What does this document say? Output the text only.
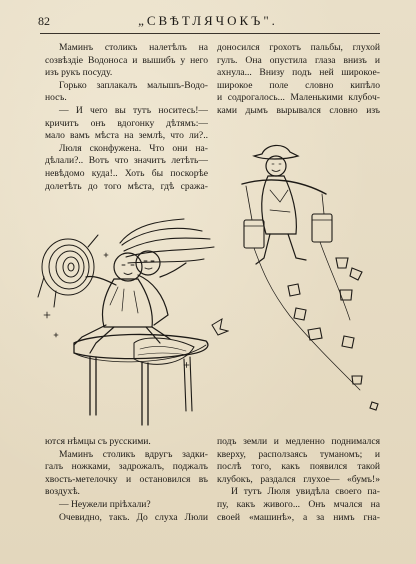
82	„СВѢТЛЯЧОКЪ".
Маминъ столикъ налетѣлъ на
созвѣздіе Водоноса и вышибъ у него
изъ рукъ посуду.
Горько заплакалъ малышъ-Водо-
носъ.
— И чего вы тутъ носитесь!—
кричитъ онъ вдогонку дѣтямъ:—
мало вамъ мѣста на землѣ, что ли?..
Люля сконфужена. Что они на-
дѣлали?.. Вотъ что значитъ летѣть—
невѣдомо куда!.. Хоть бы поскорѣе
долетѣть до того мѣста, гдѣ сража-
доносился грохотъ пальбы, глухой
гулъ. Она опустила глаза внизъ и
ахнула... Внизу подъ ней широкое-
широкое поле словно кипѣло
и содрогалось... Маленькими клубоч-
ками дымъ вырывался словно изъ
ются нѣмцы съ русскими.
Маминъ столикъ вдругъ задки-
галъ ножками, задрожалъ, поджалъ
хвость-метелочку и остановился въ
воздухѣ.
— Неужели пріѣхали?
Очевидно, такъ. До слуха Люли
подъ земли и медленно поднимался
кверху, расползаясь туманомъ; и
послѣ того, какъ появился такой
клубокъ, раздался глухое— «бумъ!»
И тутъ Люля увидѣла своего па-
пу, какъ живого... Онъ мчался на
своей «машинѣ», а за нимъ гна-
